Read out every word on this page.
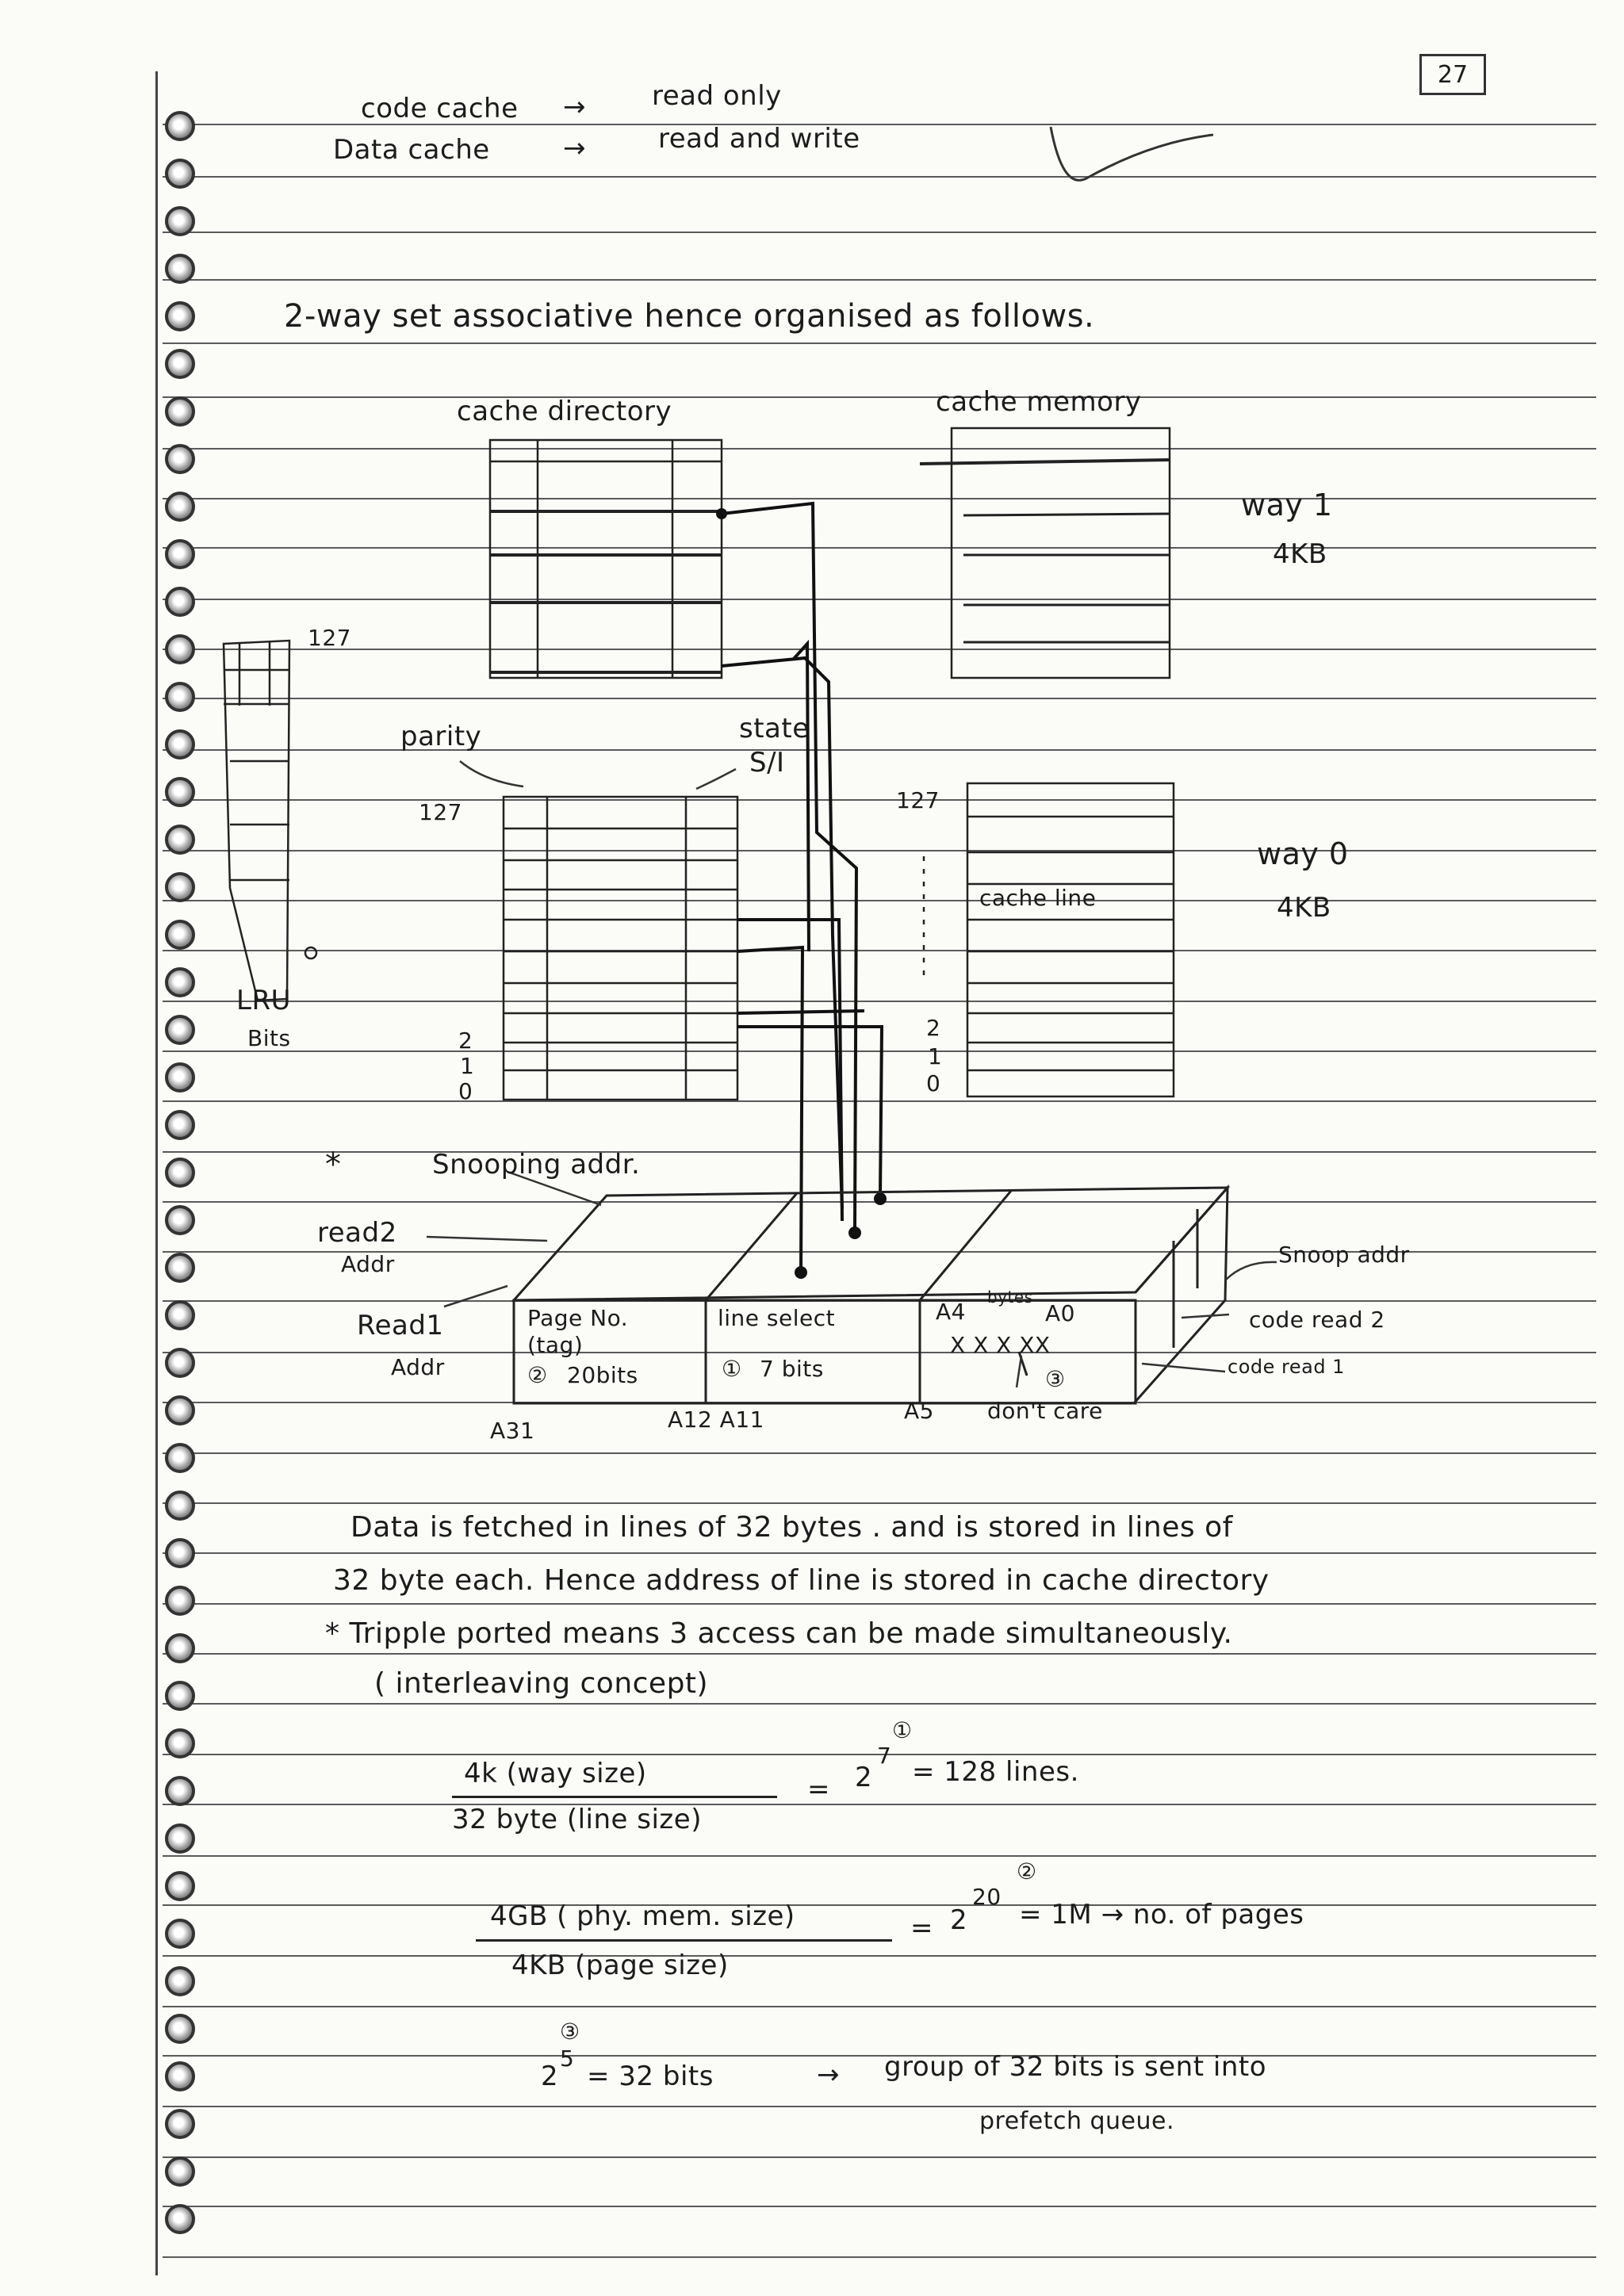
27
code cache → read only
Data cache	→	read and write
2-way set associative hence organised as follows.
cache directory	cache memory
way 1
4KB
127
LRU
Bits
parity	state
S/I
127
2
1
0
127
2
1
0
cache line
way 0
4KB
*	Snooping addr.
read2
Addr
Read1
Addr
Page No.
(tag)
② 20bits
line select
① 7 bits
A4
bytes
A0
X X X XX
③
A31	A12 A11	A5 don't care
Snoop addr
code read 2
code read 1
Data is fetched in lines of 32 bytes . and is stored in lines of
32 byte each. Hence address of line is stored in cache directory
* Tripple ported means 3 access can be made simultaneously.
( interleaving concept)
4k (way size)
32 byte (line size)
= 2
7
①
= 128 lines.
4GB ( phy. mem. size)
4KB (page size)
= 2
20
②
= 1M → no. of pages
2
5
③
= 32 bits	→ group of 32 bits is sent into
prefetch queue.
